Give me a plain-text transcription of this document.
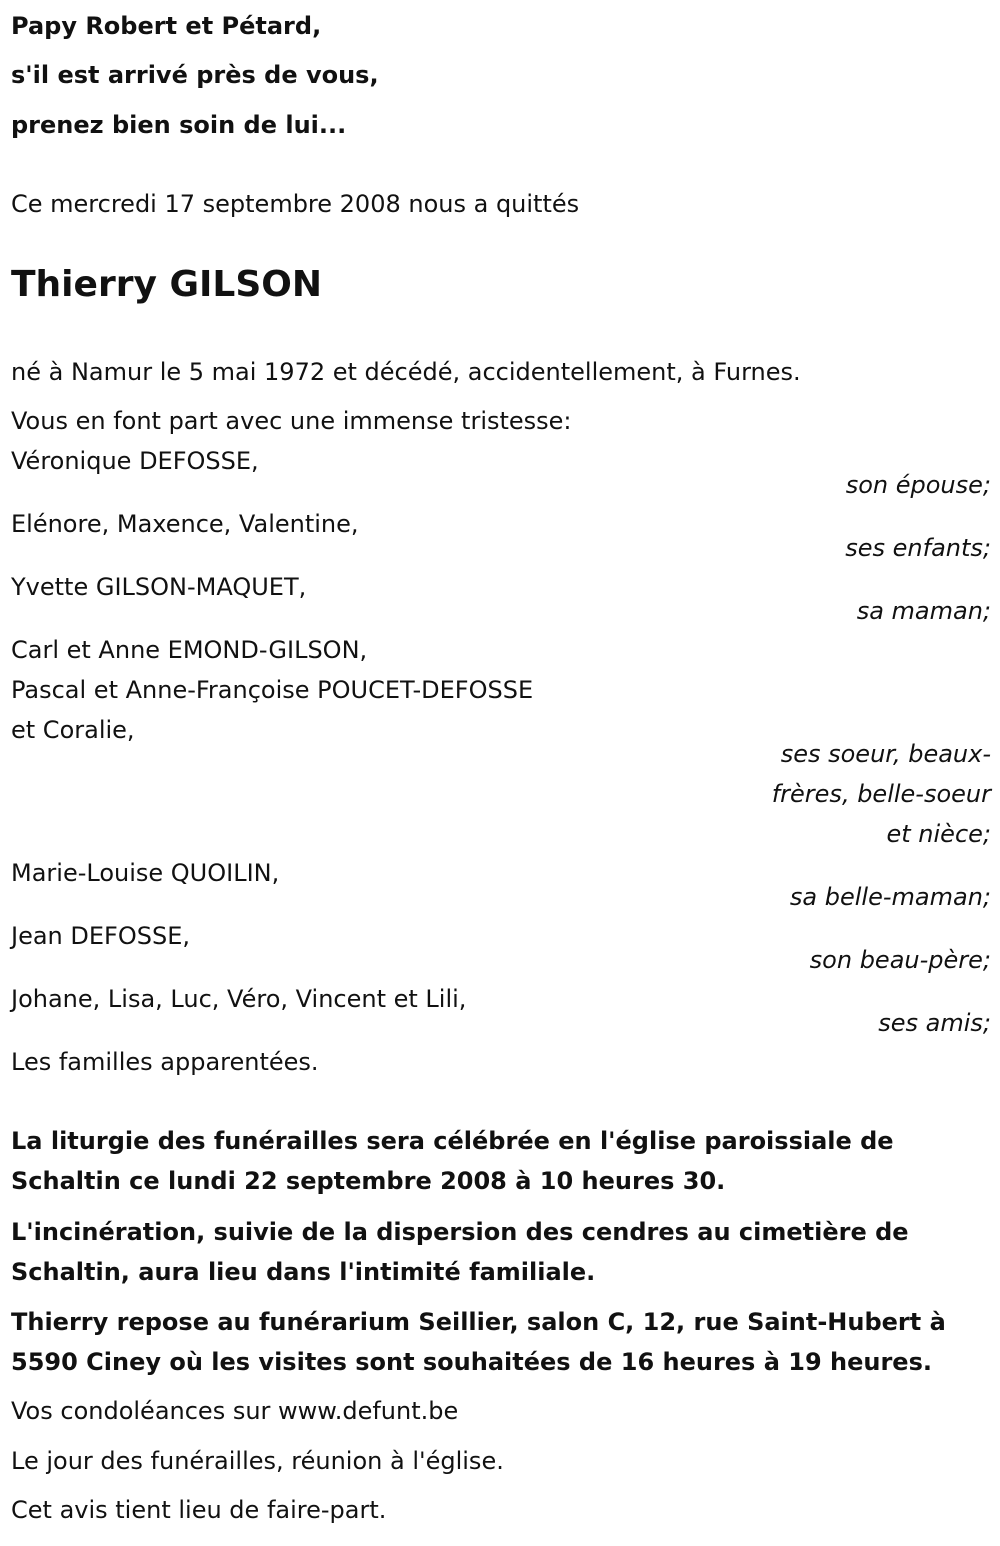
Papy Robert et Pétard,

s'il est arrivé près de vous,

prenez bien soin de lui...

Ce mercredi 17 septembre 2008 nous a quittés

Thierry GILSON

né à Namur le 5 mai 1972 et décédé, accidentellement, à Furnes.

Vous en font part avec une immense tristesse:

Véronique DEFOSSE,

son épouse;

Elénore, Maxence, Valentine,

ses enfants;

Yvette GILSON-MAQUET,

sa maman;

Carl et Anne EMOND-GILSON,

Pascal et Anne-Françoise POUCET-DEFOSSE

et Coralie,

ses soeur, beaux-

frères, belle-soeur

et nièce;

Marie-Louise QUOILIN,

sa belle-maman;

Jean DEFOSSE,

son beau-père;

Johane, Lisa, Luc, Véro, Vincent et Lili,

ses amis;

Les familles apparentées.

La liturgie des funérailles sera célébrée en l'église paroissiale de

Schaltin ce lundi 22 septembre 2008 à 10 heures 30.

L'incinération, suivie de la dispersion des cendres au cimetière de

Schaltin, aura lieu dans l'intimité familiale.

Thierry repose au funérarium Seillier, salon C, 12, rue Saint-Hubert à

5590 Ciney où les visites sont souhaitées de 16 heures à 19 heures.

Vos condoléances sur www.defunt.be

Le jour des funérailles, réunion à l'église.

Cet avis tient lieu de faire-part.
